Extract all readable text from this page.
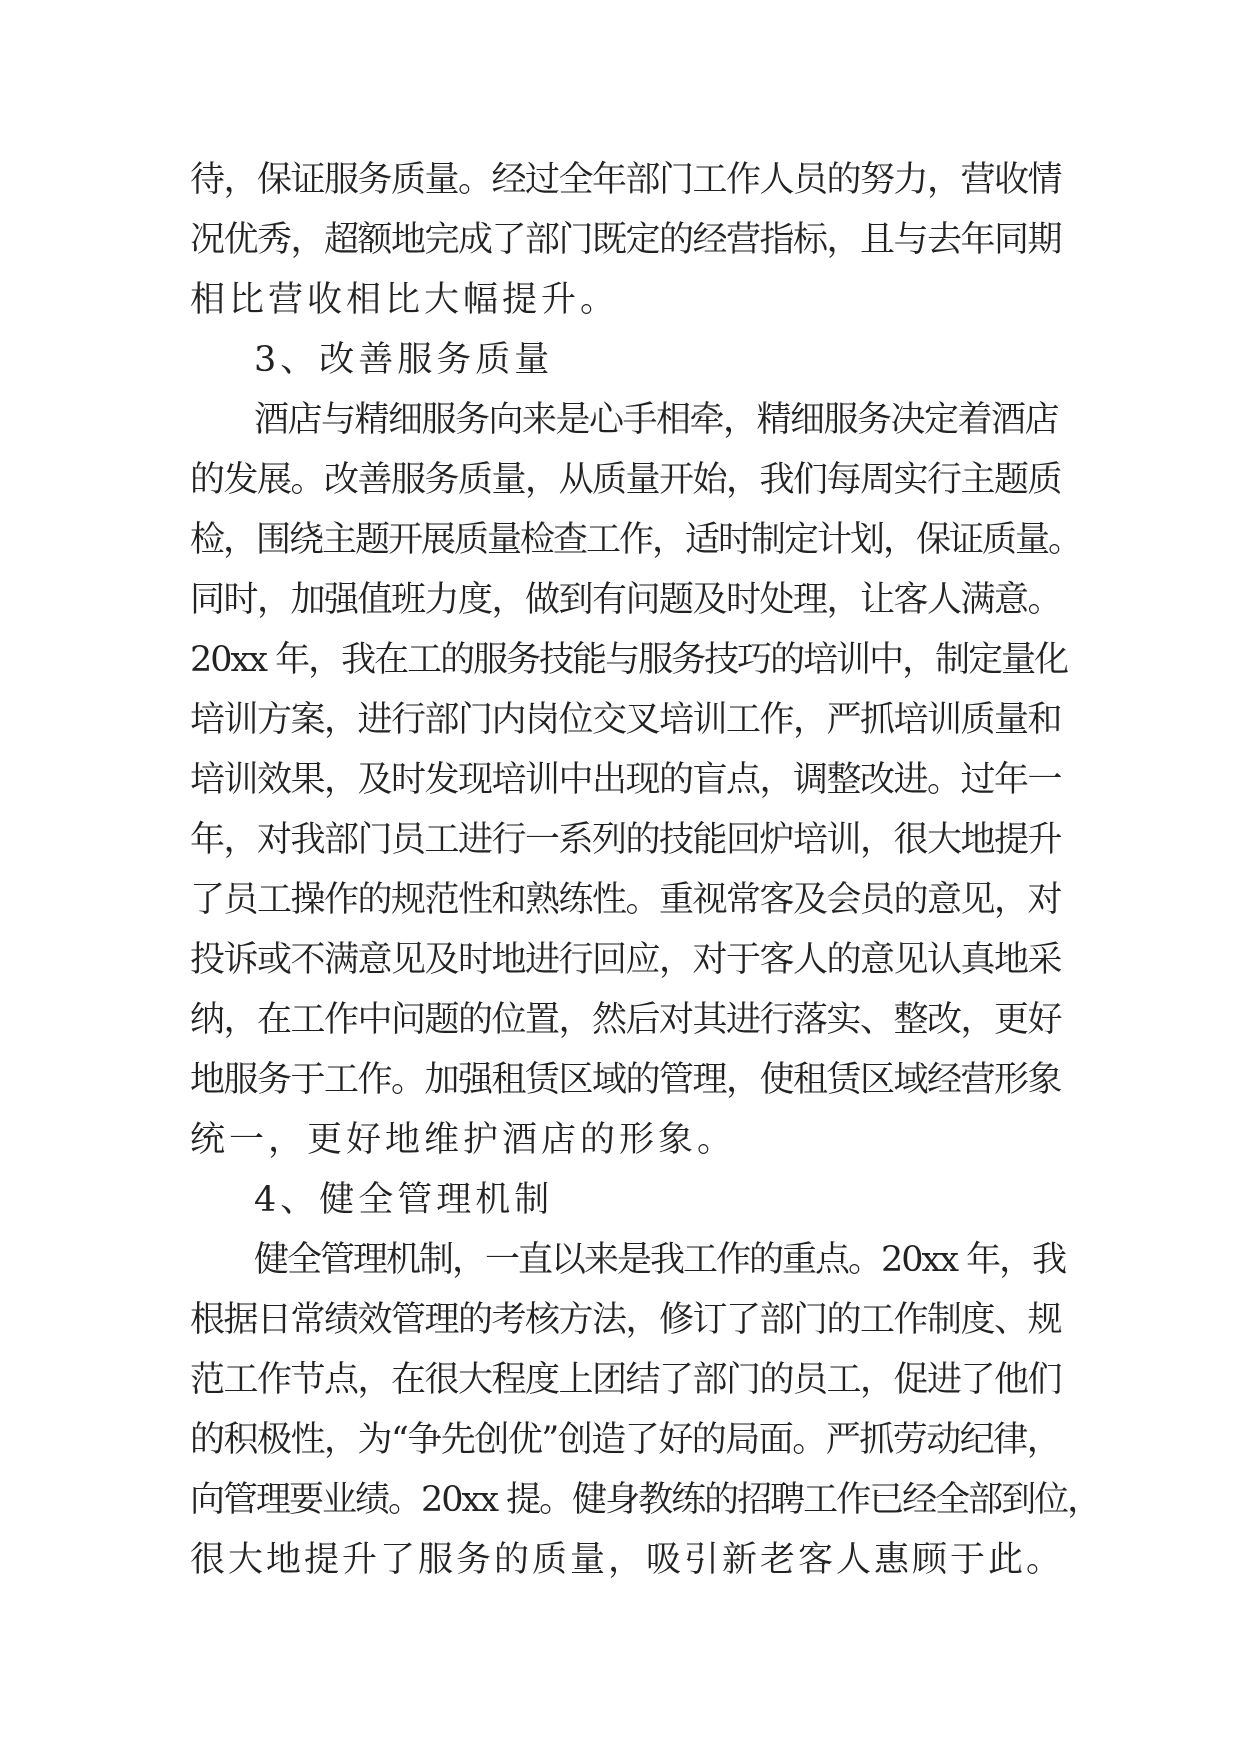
待，保证服务质量。经过全年部门工作人员的努力，营收情
况优秀，超额地完成了部门既定的经营指标，且与去年同期
相比营收相比大幅提升。
3、改善服务质量
酒店与精细服务向来是心手相牵，精细服务决定着酒店
的发展。改善服务质量，从质量开始，我们每周实行主题质
检，围绕主题开展质量检查工作，适时制定计划，保证质量。
同时，加强值班力度，做到有问题及时处理，让客人满意。
20xx 年，我在工的服务技能与服务技巧的培训中，制定量化
培训方案，进行部门内岗位交叉培训工作，严抓培训质量和
培训效果，及时发现培训中出现的盲点，调整改进。过年一
年，对我部门员工进行一系列的技能回炉培训，很大地提升
了员工操作的规范性和熟练性。重视常客及会员的意见，对
投诉或不满意见及时地进行回应，对于客人的意见认真地采
纳，在工作中问题的位置，然后对其进行落实、整改，更好
地服务于工作。加强租赁区域的管理，使租赁区域经营形象
统一，更好地维护酒店的形象。
4、健全管理机制
健全管理机制，一直以来是我工作的重点。20xx 年，我
根据日常绩效管理的考核方法，修订了部门的工作制度、规
范工作节点，在很大程度上团结了部门的员工，促进了他们
的积极性，为“争先创优”创造了好的局面。严抓劳动纪律，
向管理要业绩。20xx 提。健身教练的招聘工作已经全部到位，
很大地提升了服务的质量，吸引新老客人惠顾于此。
